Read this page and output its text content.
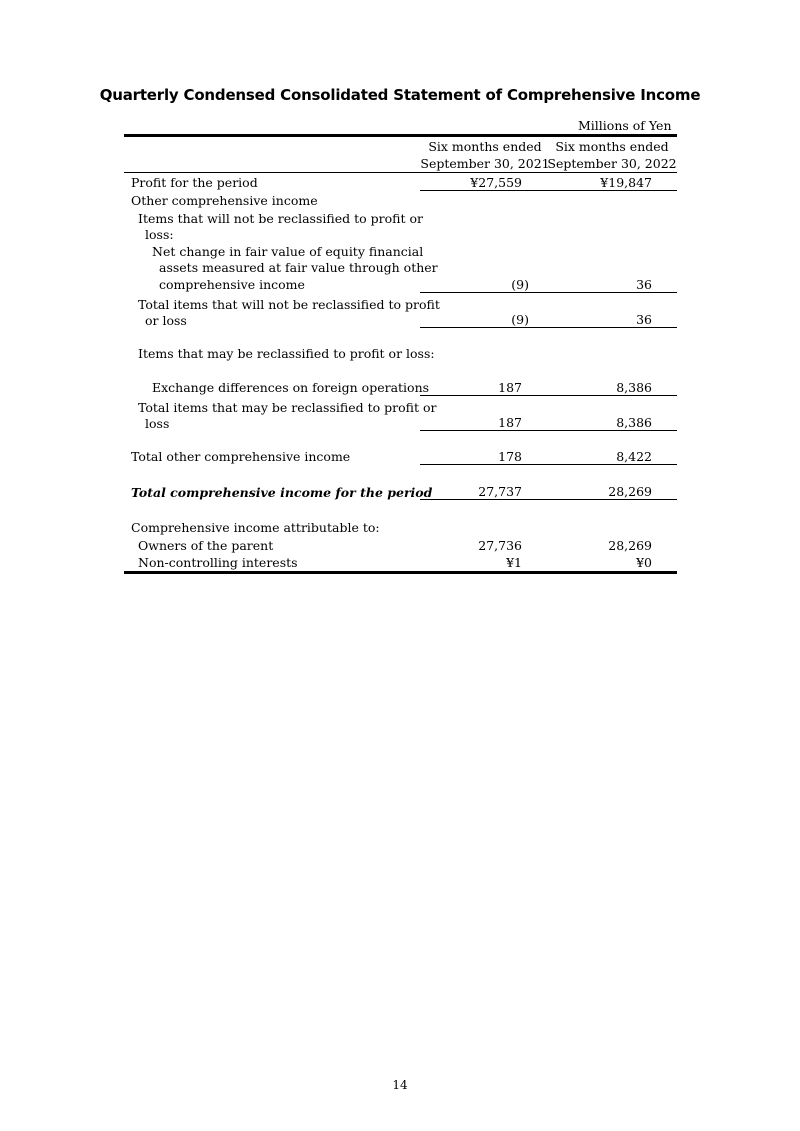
Quarterly Condensed Consolidated Statement of Comprehensive Income
Millions of Yen
Six months ended
September 30, 2021
Six months ended
September 30, 2022
Profit for the period	¥27,559	¥19,847
Other comprehensive income
Items that will not be reclassified to profit or
loss:
Net change in fair value of equity financial
assets measured at fair value through other
comprehensive income	(9)	36
Total items that will not be reclassified to profit
or loss	(9)	36
Items that may be reclassified to profit or loss:
Exchange differences on foreign operations	187	8,386
Total items that may be reclassified to profit or
loss	187	8,386
Total other comprehensive income	178	8,422
Total comprehensive income for the period	27,737	28,269
Comprehensive income attributable to:
Owners of the parent	27,736	28,269
Non-controlling interests	¥1	¥0
14
